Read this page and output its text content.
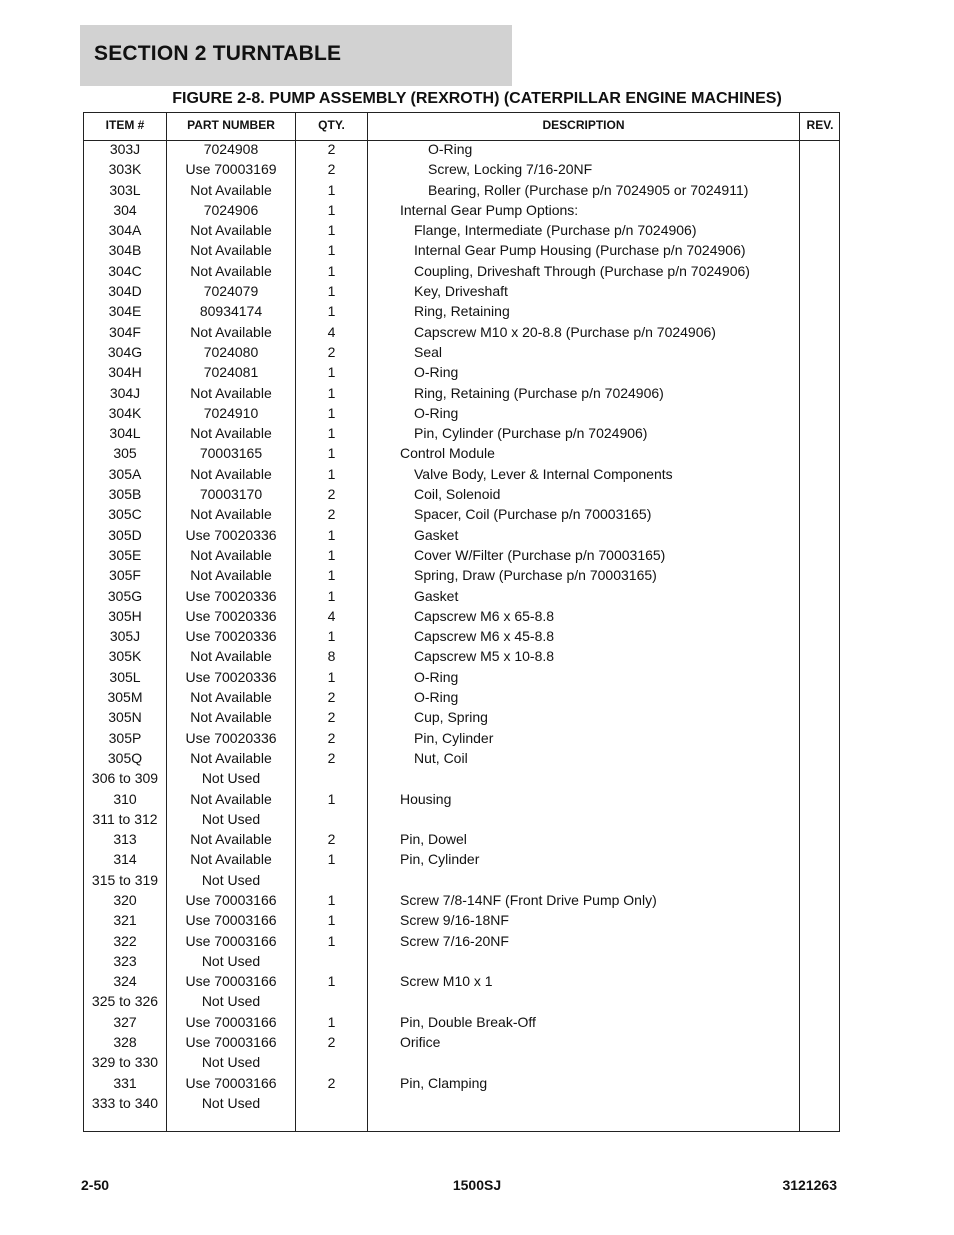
SECTION 2 TURNTABLE
FIGURE 2-8. PUMP ASSEMBLY (REXROTH) (CATERPILLAR ENGINE MACHINES)
ITEM #	PART NUMBER	QTY.	DESCRIPTION	REV.
303J	7024908	2	O-Ring
303K	Use 70003169	2	Screw, Locking 7/16-20NF
303L	Not Available	1	Bearing, Roller (Purchase p/n 7024905 or 7024911)
304	7024906	1	Internal Gear Pump Options:
304A	Not Available	1	Flange, Intermediate (Purchase p/n 7024906)
304B	Not Available	1	Internal Gear Pump Housing (Purchase p/n 7024906)
304C	Not Available	1	Coupling, Driveshaft Through (Purchase p/n 7024906)
304D	7024079	1	Key, Driveshaft
304E	80934174	1	Ring, Retaining
304F	Not Available	4	Capscrew M10 x 20-8.8 (Purchase p/n 7024906)
304G	7024080	2	Seal
304H	7024081	1	O-Ring
304J	Not Available	1	Ring, Retaining (Purchase p/n 7024906)
304K	7024910	1	O-Ring
304L	Not Available	1	Pin, Cylinder (Purchase p/n 7024906)
305	70003165	1	Control Module
305A	Not Available	1	Valve Body, Lever & Internal Components
305B	70003170	2	Coil, Solenoid
305C	Not Available	2	Spacer, Coil (Purchase p/n 70003165)
305D	Use 70020336	1	Gasket
305E	Not Available	1	Cover W/Filter (Purchase p/n 70003165)
305F	Not Available	1	Spring, Draw (Purchase p/n 70003165)
305G	Use 70020336	1	Gasket
305H	Use 70020336	4	Capscrew M6 x 65-8.8
305J	Use 70020336	1	Capscrew M6 x 45-8.8
305K	Not Available	8	Capscrew M5 x 10-8.8
305L	Use 70020336	1	O-Ring
305M	Not Available	2	O-Ring
305N	Not Available	2	Cup, Spring
305P	Use 70020336	2	Pin, Cylinder
305Q	Not Available	2	Nut, Coil
306 to 309	Not Used
310	Not Available	1	Housing
311 to 312	Not Used
313	Not Available	2	Pin, Dowel
314	Not Available	1	Pin, Cylinder
315 to 319	Not Used
320	Use 70003166	1	Screw 7/8-14NF (Front Drive Pump Only)
321	Use 70003166	1	Screw 9/16-18NF
322	Use 70003166	1	Screw 7/16-20NF
323	Not Used
324	Use 70003166	1	Screw M10 x 1
325 to 326	Not Used
327	Use 70003166	1	Pin, Double Break-Off
328	Use 70003166	2	Orifice
329 to 330	Not Used
331	Use 70003166	2	Pin, Clamping
333 to 340	Not Used
2-50	1500SJ	3121263
